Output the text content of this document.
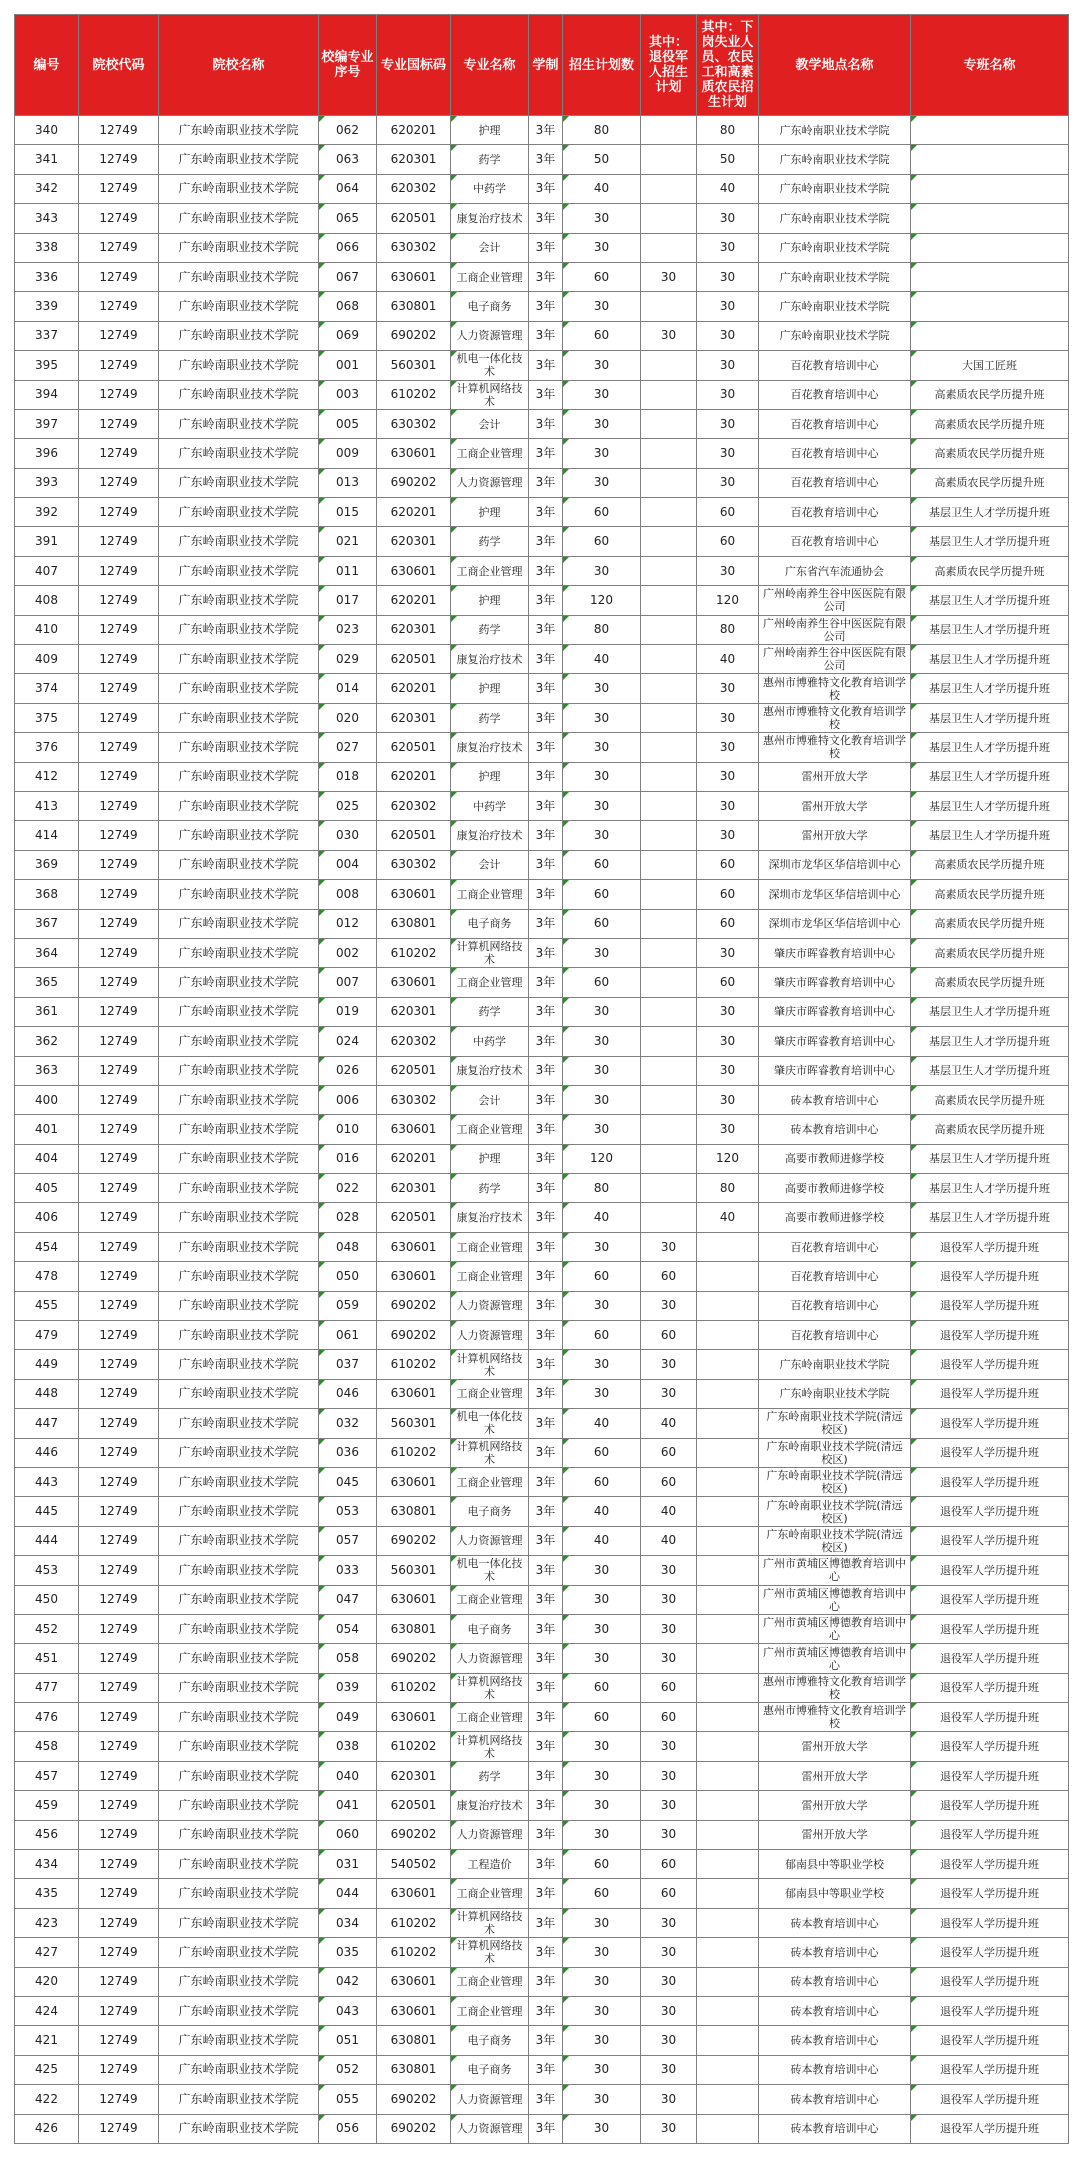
编号	院校代码	院校名称	校编专业序号	专业国标码	专业名称	学制	招生计划数	其中：退役军人招生计划	其中：下岗失业人员、农民工和高素质农民招生计划	教学地点名称	专班名称
340	12749	广东岭南职业技术学院	062	620201	护理	3年	80		80	广东岭南职业技术学院	
341	12749	广东岭南职业技术学院	063	620301	药学	3年	50		50	广东岭南职业技术学院	
342	12749	广东岭南职业技术学院	064	620302	中药学	3年	40		40	广东岭南职业技术学院	
343	12749	广东岭南职业技术学院	065	620501	康复治疗技术	3年	30		30	广东岭南职业技术学院	
338	12749	广东岭南职业技术学院	066	630302	会计	3年	30		30	广东岭南职业技术学院	
336	12749	广东岭南职业技术学院	067	630601	工商企业管理	3年	60	30	30	广东岭南职业技术学院	
339	12749	广东岭南职业技术学院	068	630801	电子商务	3年	30		30	广东岭南职业技术学院	
337	12749	广东岭南职业技术学院	069	690202	人力资源管理	3年	60	30	30	广东岭南职业技术学院	
395	12749	广东岭南职业技术学院	001	560301	机电一体化技术	3年	30		30	百花教育培训中心	大国工匠班
394	12749	广东岭南职业技术学院	003	610202	计算机网络技术	3年	30		30	百花教育培训中心	高素质农民学历提升班
397	12749	广东岭南职业技术学院	005	630302	会计	3年	30		30	百花教育培训中心	高素质农民学历提升班
396	12749	广东岭南职业技术学院	009	630601	工商企业管理	3年	30		30	百花教育培训中心	高素质农民学历提升班
393	12749	广东岭南职业技术学院	013	690202	人力资源管理	3年	30		30	百花教育培训中心	高素质农民学历提升班
392	12749	广东岭南职业技术学院	015	620201	护理	3年	60		60	百花教育培训中心	基层卫生人才学历提升班
391	12749	广东岭南职业技术学院	021	620301	药学	3年	60		60	百花教育培训中心	基层卫生人才学历提升班
407	12749	广东岭南职业技术学院	011	630601	工商企业管理	3年	30		30	广东省汽车流通协会	高素质农民学历提升班
408	12749	广东岭南职业技术学院	017	620201	护理	3年	120		120	广州岭南养生谷中医医院有限公司	基层卫生人才学历提升班
410	12749	广东岭南职业技术学院	023	620301	药学	3年	80		80	广州岭南养生谷中医医院有限公司	基层卫生人才学历提升班
409	12749	广东岭南职业技术学院	029	620501	康复治疗技术	3年	40		40	广州岭南养生谷中医医院有限公司	基层卫生人才学历提升班
374	12749	广东岭南职业技术学院	014	620201	护理	3年	30		30	惠州市博雅特文化教育培训学校	基层卫生人才学历提升班
375	12749	广东岭南职业技术学院	020	620301	药学	3年	30		30	惠州市博雅特文化教育培训学校	基层卫生人才学历提升班
376	12749	广东岭南职业技术学院	027	620501	康复治疗技术	3年	30		30	惠州市博雅特文化教育培训学校	基层卫生人才学历提升班
412	12749	广东岭南职业技术学院	018	620201	护理	3年	30		30	雷州开放大学	基层卫生人才学历提升班
413	12749	广东岭南职业技术学院	025	620302	中药学	3年	30		30	雷州开放大学	基层卫生人才学历提升班
414	12749	广东岭南职业技术学院	030	620501	康复治疗技术	3年	30		30	雷州开放大学	基层卫生人才学历提升班
369	12749	广东岭南职业技术学院	004	630302	会计	3年	60		60	深圳市龙华区华信培训中心	高素质农民学历提升班
368	12749	广东岭南职业技术学院	008	630601	工商企业管理	3年	60		60	深圳市龙华区华信培训中心	高素质农民学历提升班
367	12749	广东岭南职业技术学院	012	630801	电子商务	3年	60		60	深圳市龙华区华信培训中心	高素质农民学历提升班
364	12749	广东岭南职业技术学院	002	610202	计算机网络技术	3年	30		30	肇庆市晖睿教育培训中心	高素质农民学历提升班
365	12749	广东岭南职业技术学院	007	630601	工商企业管理	3年	60		60	肇庆市晖睿教育培训中心	高素质农民学历提升班
361	12749	广东岭南职业技术学院	019	620301	药学	3年	30		30	肇庆市晖睿教育培训中心	基层卫生人才学历提升班
362	12749	广东岭南职业技术学院	024	620302	中药学	3年	30		30	肇庆市晖睿教育培训中心	基层卫生人才学历提升班
363	12749	广东岭南职业技术学院	026	620501	康复治疗技术	3年	30		30	肇庆市晖睿教育培训中心	基层卫生人才学历提升班
400	12749	广东岭南职业技术学院	006	630302	会计	3年	30		30	砖本教育培训中心	高素质农民学历提升班
401	12749	广东岭南职业技术学院	010	630601	工商企业管理	3年	30		30	砖本教育培训中心	高素质农民学历提升班
404	12749	广东岭南职业技术学院	016	620201	护理	3年	120		120	高要市教师进修学校	基层卫生人才学历提升班
405	12749	广东岭南职业技术学院	022	620301	药学	3年	80		80	高要市教师进修学校	基层卫生人才学历提升班
406	12749	广东岭南职业技术学院	028	620501	康复治疗技术	3年	40		40	高要市教师进修学校	基层卫生人才学历提升班
454	12749	广东岭南职业技术学院	048	630601	工商企业管理	3年	30	30		百花教育培训中心	退役军人学历提升班
478	12749	广东岭南职业技术学院	050	630601	工商企业管理	3年	60	60		百花教育培训中心	退役军人学历提升班
455	12749	广东岭南职业技术学院	059	690202	人力资源管理	3年	30	30		百花教育培训中心	退役军人学历提升班
479	12749	广东岭南职业技术学院	061	690202	人力资源管理	3年	60	60		百花教育培训中心	退役军人学历提升班
449	12749	广东岭南职业技术学院	037	610202	计算机网络技术	3年	30	30		广东岭南职业技术学院	退役军人学历提升班
448	12749	广东岭南职业技术学院	046	630601	工商企业管理	3年	30	30		广东岭南职业技术学院	退役军人学历提升班
447	12749	广东岭南职业技术学院	032	560301	机电一体化技术	3年	40	40		广东岭南职业技术学院(清远校区)	退役军人学历提升班
446	12749	广东岭南职业技术学院	036	610202	计算机网络技术	3年	60	60		广东岭南职业技术学院(清远校区)	退役军人学历提升班
443	12749	广东岭南职业技术学院	045	630601	工商企业管理	3年	60	60		广东岭南职业技术学院(清远校区)	退役军人学历提升班
445	12749	广东岭南职业技术学院	053	630801	电子商务	3年	40	40		广东岭南职业技术学院(清远校区)	退役军人学历提升班
444	12749	广东岭南职业技术学院	057	690202	人力资源管理	3年	40	40		广东岭南职业技术学院(清远校区)	退役军人学历提升班
453	12749	广东岭南职业技术学院	033	560301	机电一体化技术	3年	30	30		广州市黄埔区博德教育培训中心	退役军人学历提升班
450	12749	广东岭南职业技术学院	047	630601	工商企业管理	3年	30	30		广州市黄埔区博德教育培训中心	退役军人学历提升班
452	12749	广东岭南职业技术学院	054	630801	电子商务	3年	30	30		广州市黄埔区博德教育培训中心	退役军人学历提升班
451	12749	广东岭南职业技术学院	058	690202	人力资源管理	3年	30	30		广州市黄埔区博德教育培训中心	退役军人学历提升班
477	12749	广东岭南职业技术学院	039	610202	计算机网络技术	3年	60	60		惠州市博雅特文化教育培训学校	退役军人学历提升班
476	12749	广东岭南职业技术学院	049	630601	工商企业管理	3年	60	60		惠州市博雅特文化教育培训学校	退役军人学历提升班
458	12749	广东岭南职业技术学院	038	610202	计算机网络技术	3年	30	30		雷州开放大学	退役军人学历提升班
457	12749	广东岭南职业技术学院	040	620301	药学	3年	30	30		雷州开放大学	退役军人学历提升班
459	12749	广东岭南职业技术学院	041	620501	康复治疗技术	3年	30	30		雷州开放大学	退役军人学历提升班
456	12749	广东岭南职业技术学院	060	690202	人力资源管理	3年	30	30		雷州开放大学	退役军人学历提升班
434	12749	广东岭南职业技术学院	031	540502	工程造价	3年	60	60		郁南县中等职业学校	退役军人学历提升班
435	12749	广东岭南职业技术学院	044	630601	工商企业管理	3年	60	60		郁南县中等职业学校	退役军人学历提升班
423	12749	广东岭南职业技术学院	034	610202	计算机网络技术	3年	30	30		砖本教育培训中心	退役军人学历提升班
427	12749	广东岭南职业技术学院	035	610202	计算机网络技术	3年	30	30		砖本教育培训中心	退役军人学历提升班
420	12749	广东岭南职业技术学院	042	630601	工商企业管理	3年	30	30		砖本教育培训中心	退役军人学历提升班
424	12749	广东岭南职业技术学院	043	630601	工商企业管理	3年	30	30		砖本教育培训中心	退役军人学历提升班
421	12749	广东岭南职业技术学院	051	630801	电子商务	3年	30	30		砖本教育培训中心	退役军人学历提升班
425	12749	广东岭南职业技术学院	052	630801	电子商务	3年	30	30		砖本教育培训中心	退役军人学历提升班
422	12749	广东岭南职业技术学院	055	690202	人力资源管理	3年	30	30		砖本教育培训中心	退役军人学历提升班
426	12749	广东岭南职业技术学院	056	690202	人力资源管理	3年	30	30		砖本教育培训中心	退役军人学历提升班
